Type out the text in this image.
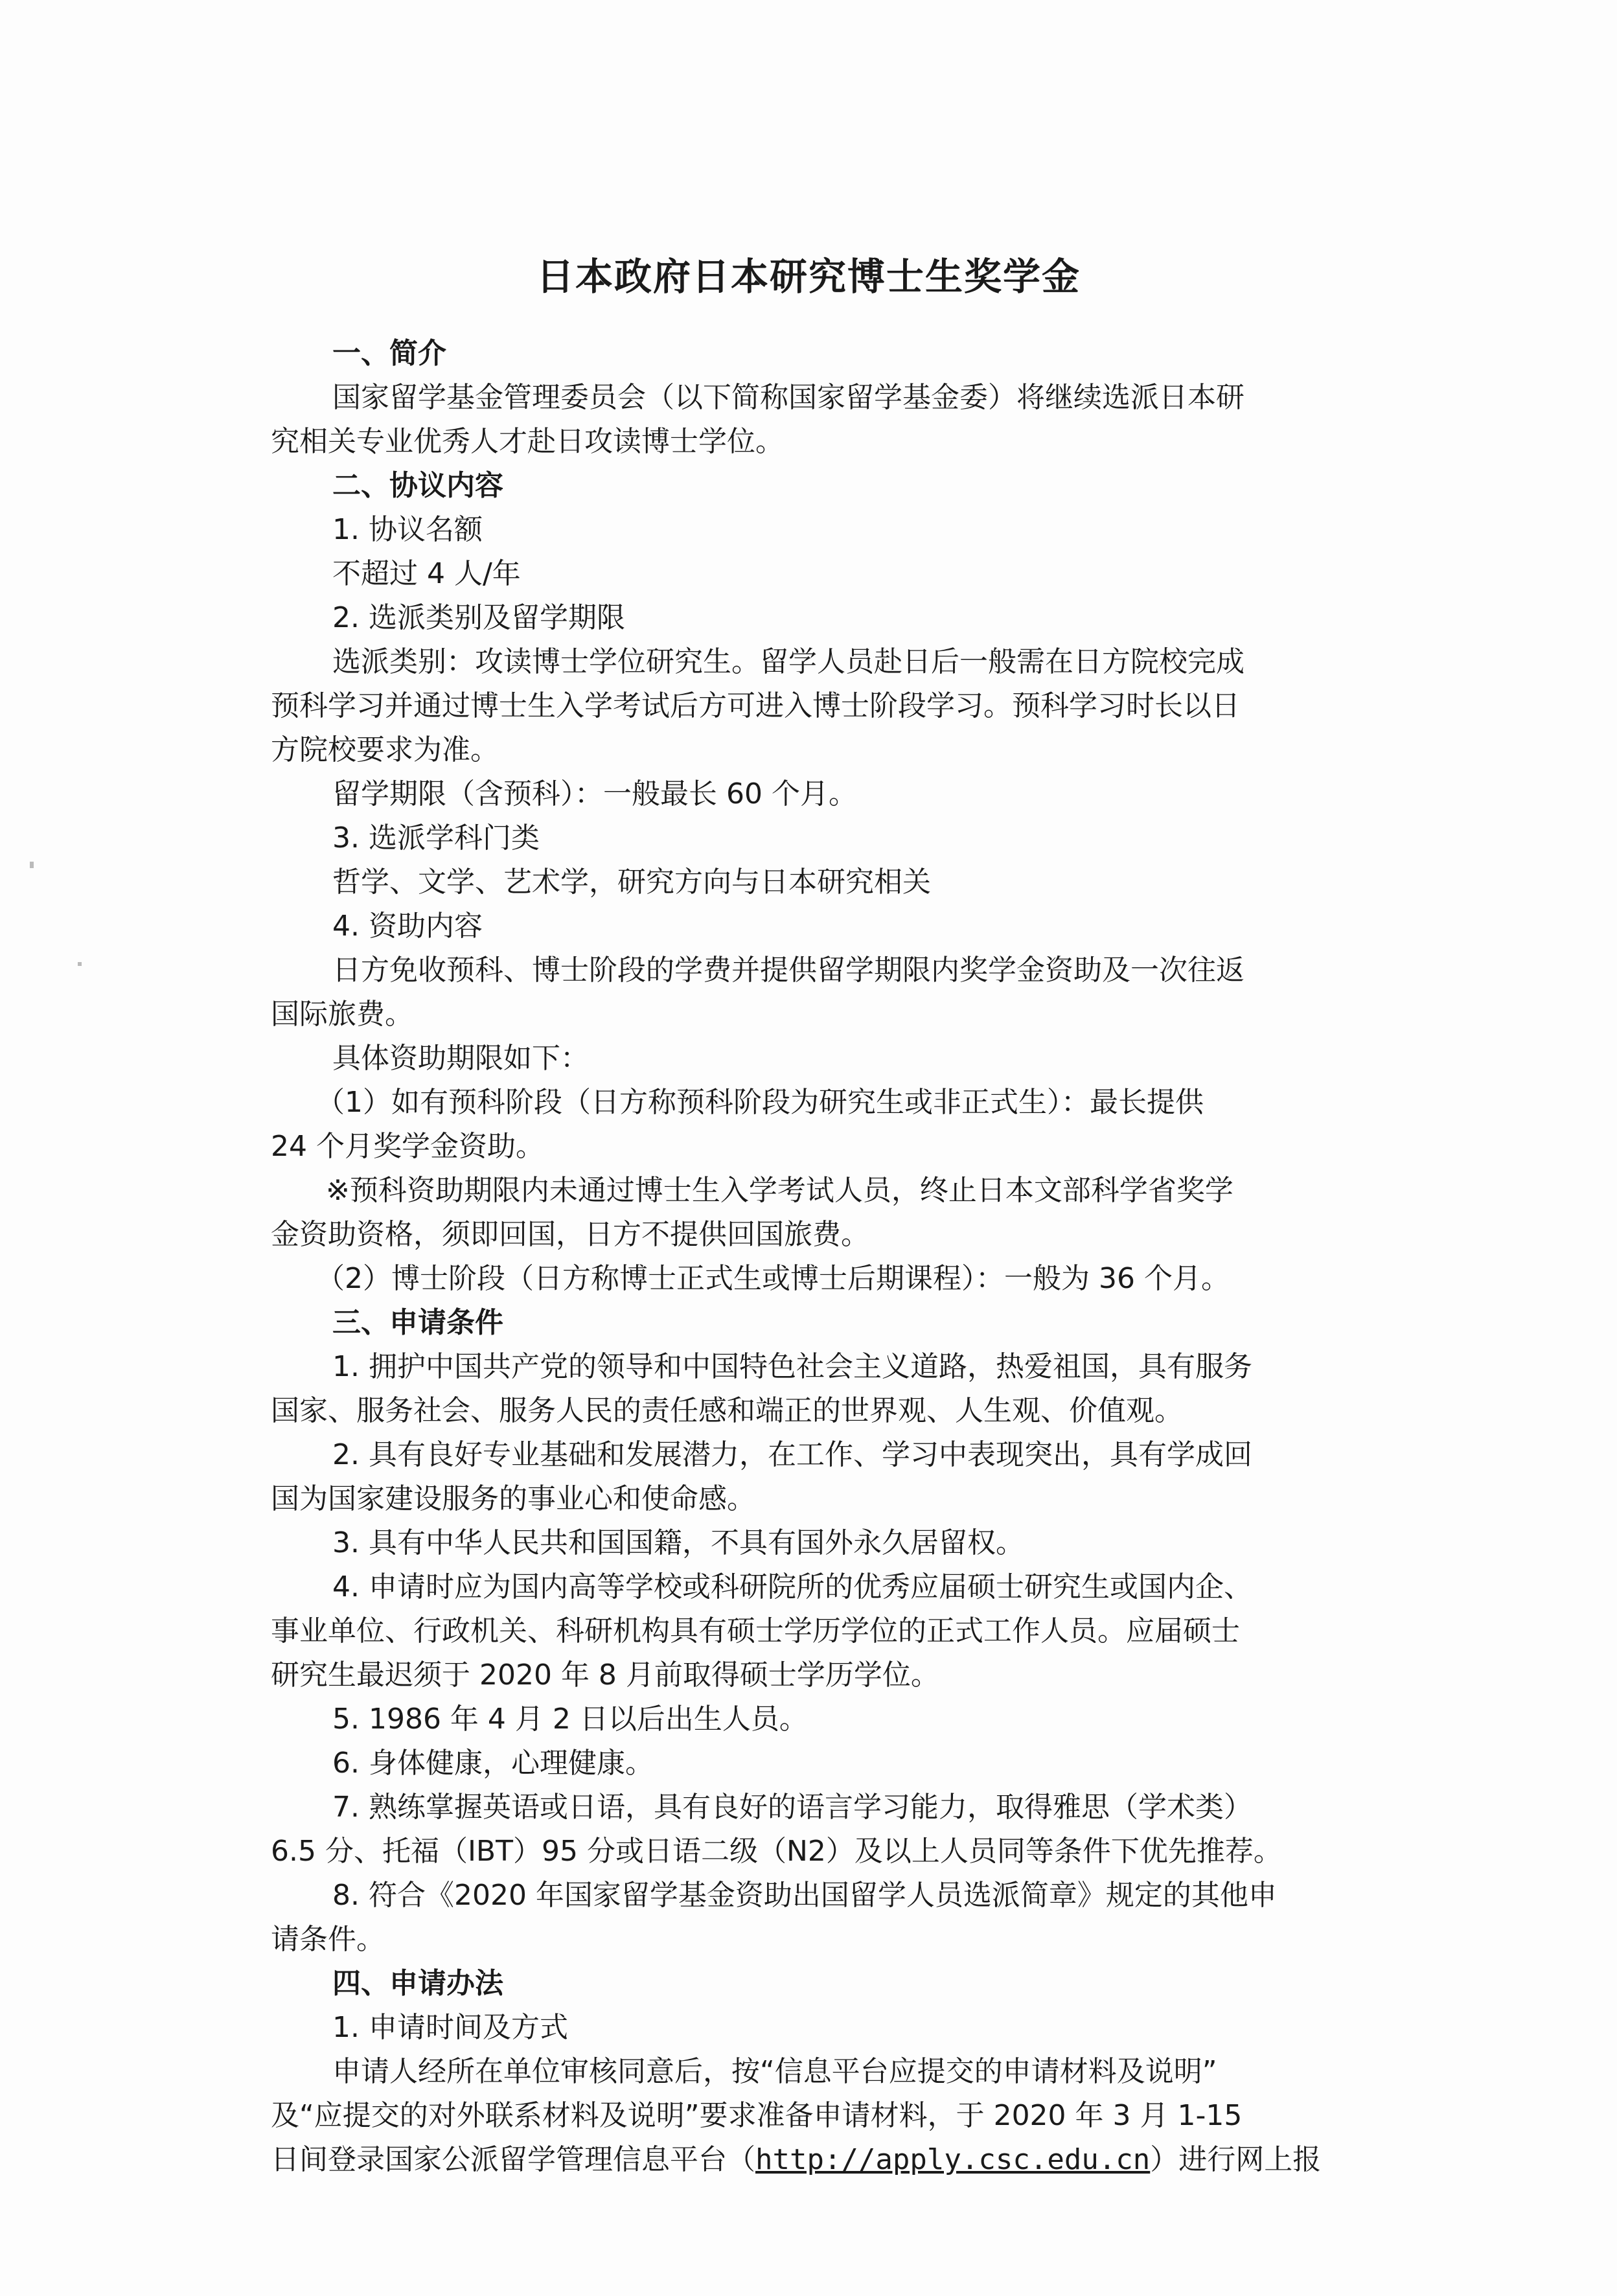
日本政府日本研究博士生奖学金
一、简介
国家留学基金管理委员会（以下简称国家留学基金委）将继续选派日本研
究相关专业优秀人才赴日攻读博士学位。
二、协议内容
1. 协议名额
不超过 4 人/年
2. 选派类别及留学期限
选派类别：攻读博士学位研究生。留学人员赴日后一般需在日方院校完成
预科学习并通过博士生入学考试后方可进入博士阶段学习。预科学习时长以日
方院校要求为准。
留学期限（含预科）：一般最长 60 个月。
3. 选派学科门类
哲学、文学、艺术学，研究方向与日本研究相关
4. 资助内容
日方免收预科、博士阶段的学费并提供留学期限内奖学金资助及一次往返
国际旅费。
具体资助期限如下：
（1）如有预科阶段（日方称预科阶段为研究生或非正式生）：最长提供
24 个月奖学金资助。
※预科资助期限内未通过博士生入学考试人员，终止日本文部科学省奖学
金资助资格，须即回国，日方不提供回国旅费。
（2）博士阶段（日方称博士正式生或博士后期课程）：一般为 36 个月。
三、申请条件
1. 拥护中国共产党的领导和中国特色社会主义道路，热爱祖国，具有服务
国家、服务社会、服务人民的责任感和端正的世界观、人生观、价值观。
2. 具有良好专业基础和发展潜力，在工作、学习中表现突出，具有学成回
国为国家建设服务的事业心和使命感。
3. 具有中华人民共和国国籍，不具有国外永久居留权。
4. 申请时应为国内高等学校或科研院所的优秀应届硕士研究生或国内企、
事业单位、行政机关、科研机构具有硕士学历学位的正式工作人员。应届硕士
研究生最迟须于 2020 年 8 月前取得硕士学历学位。
5. 1986 年 4 月 2 日以后出生人员。
6. 身体健康，心理健康。
7. 熟练掌握英语或日语，具有良好的语言学习能力，取得雅思（学术类）
6.5 分、托福（IBT）95 分或日语二级（N2）及以上人员同等条件下优先推荐。
8. 符合《2020 年国家留学基金资助出国留学人员选派简章》规定的其他申
请条件。
四、申请办法
1. 申请时间及方式
申请人经所在单位审核同意后，按“信息平台应提交的申请材料及说明”
及“应提交的对外联系材料及说明”要求准备申请材料，于 2020 年 3 月 1-15
日间登录国家公派留学管理信息平台（http://apply.csc.edu.cn）进行网上报
